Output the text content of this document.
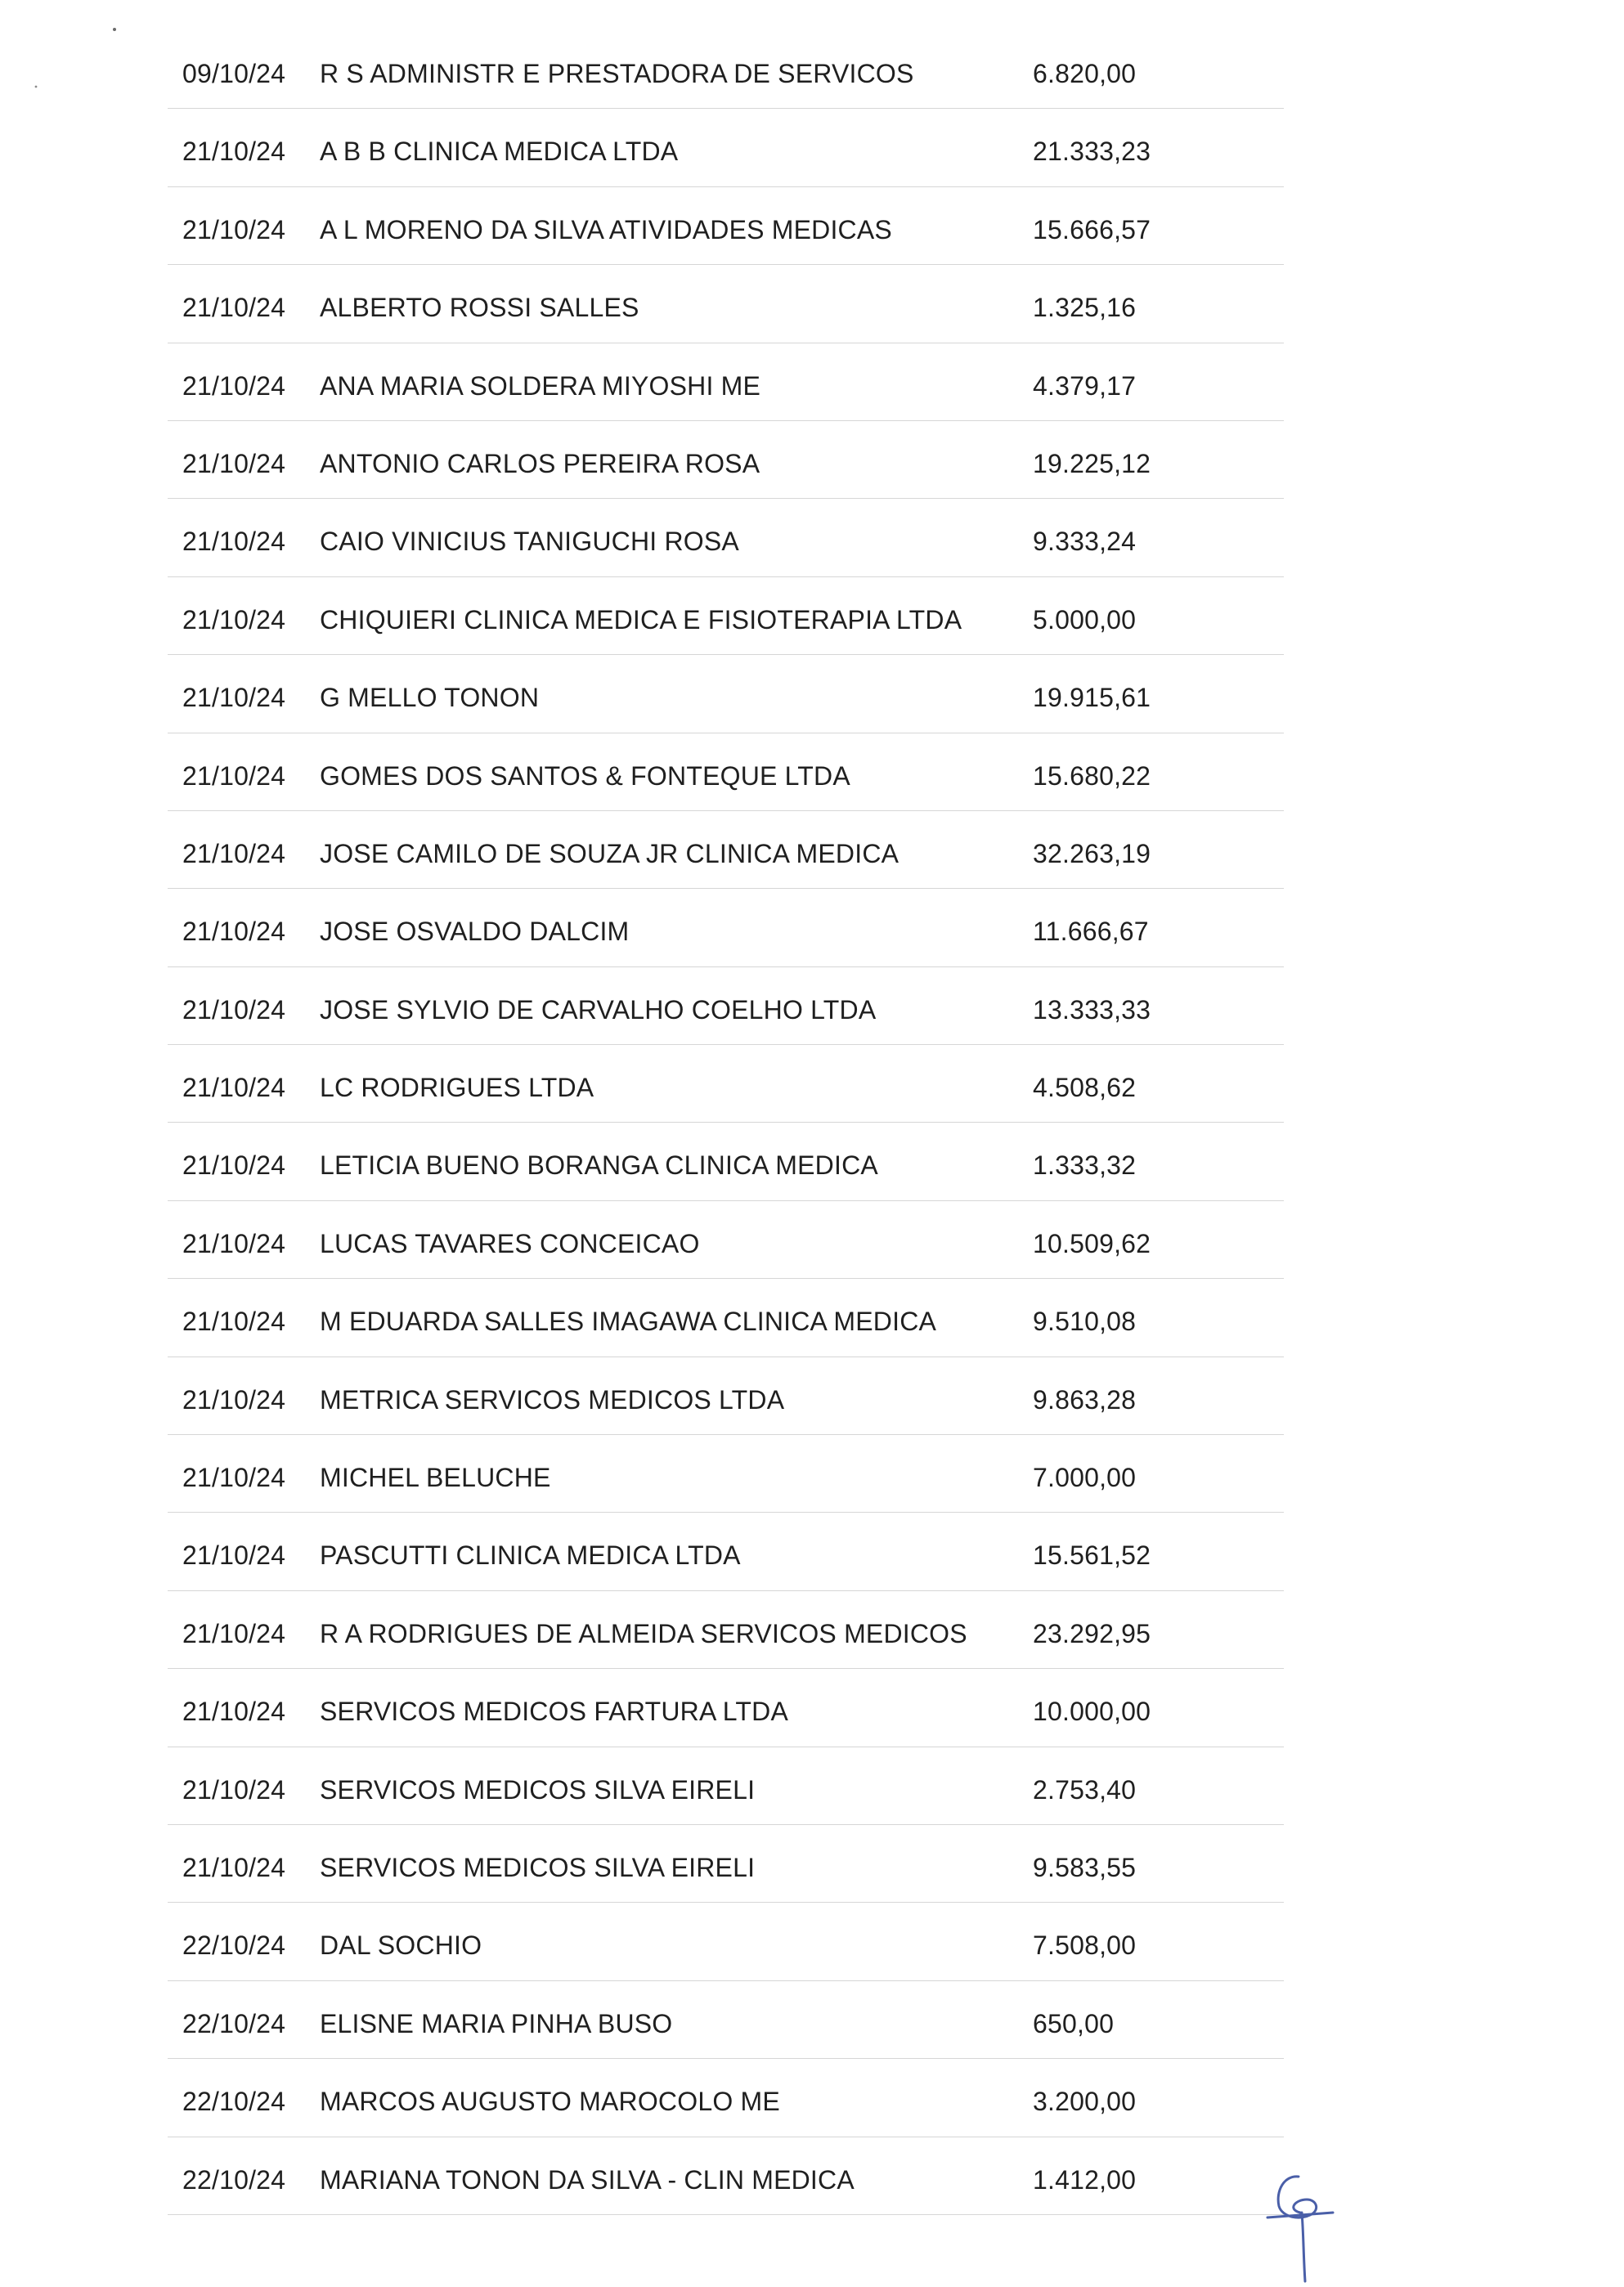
09/10/24 R S ADMINISTR E PRESTADORA DE SERVICOS	6.820,00
21/10/24 A B B CLINICA MEDICA LTDA	21.333,23
21/10/24 A L MORENO DA SILVA ATIVIDADES MEDICAS	15.666,57
21/10/24 ALBERTO ROSSI SALLES	1.325,16
21/10/24 ANA MARIA SOLDERA MIYOSHI ME	4.379,17
21/10/24 ANTONIO CARLOS PEREIRA ROSA	19.225,12
21/10/24 CAIO VINICIUS TANIGUCHI ROSA	9.333,24
21/10/24 CHIQUIERI CLINICA MEDICA E FISIOTERAPIA LTDA	5.000,00
21/10/24 G MELLO TONON	19.915,61
21/10/24 GOMES DOS SANTOS & FONTEQUE LTDA	15.680,22
21/10/24 JOSE CAMILO DE SOUZA JR CLINICA MEDICA	32.263,19
21/10/24 JOSE OSVALDO DALCIM	11.666,67
21/10/24 JOSE SYLVIO DE CARVALHO COELHO LTDA	13.333,33
21/10/24 LC RODRIGUES LTDA	4.508,62
21/10/24 LETICIA BUENO BORANGA CLINICA MEDICA	1.333,32
21/10/24 LUCAS TAVARES CONCEICAO	10.509,62
21/10/24 M EDUARDA SALLES IMAGAWA CLINICA MEDICA	9.510,08
21/10/24 METRICA SERVICOS MEDICOS LTDA	9.863,28
21/10/24 MICHEL BELUCHE	7.000,00
21/10/24 PASCUTTI CLINICA MEDICA LTDA	15.561,52
21/10/24 R A RODRIGUES DE ALMEIDA SERVICOS MEDICOS	23.292,95
21/10/24 SERVICOS MEDICOS FARTURA LTDA	10.000,00
21/10/24 SERVICOS MEDICOS SILVA EIRELI	2.753,40
21/10/24 SERVICOS MEDICOS SILVA EIRELI	9.583,55
22/10/24 DAL SOCHIO	7.508,00
22/10/24 ELISNE MARIA PINHA BUSO	650,00
22/10/24 MARCOS AUGUSTO MAROCOLO ME	3.200,00
22/10/24 MARIANA TONON DA SILVA - CLIN MEDICA	1.412,00
